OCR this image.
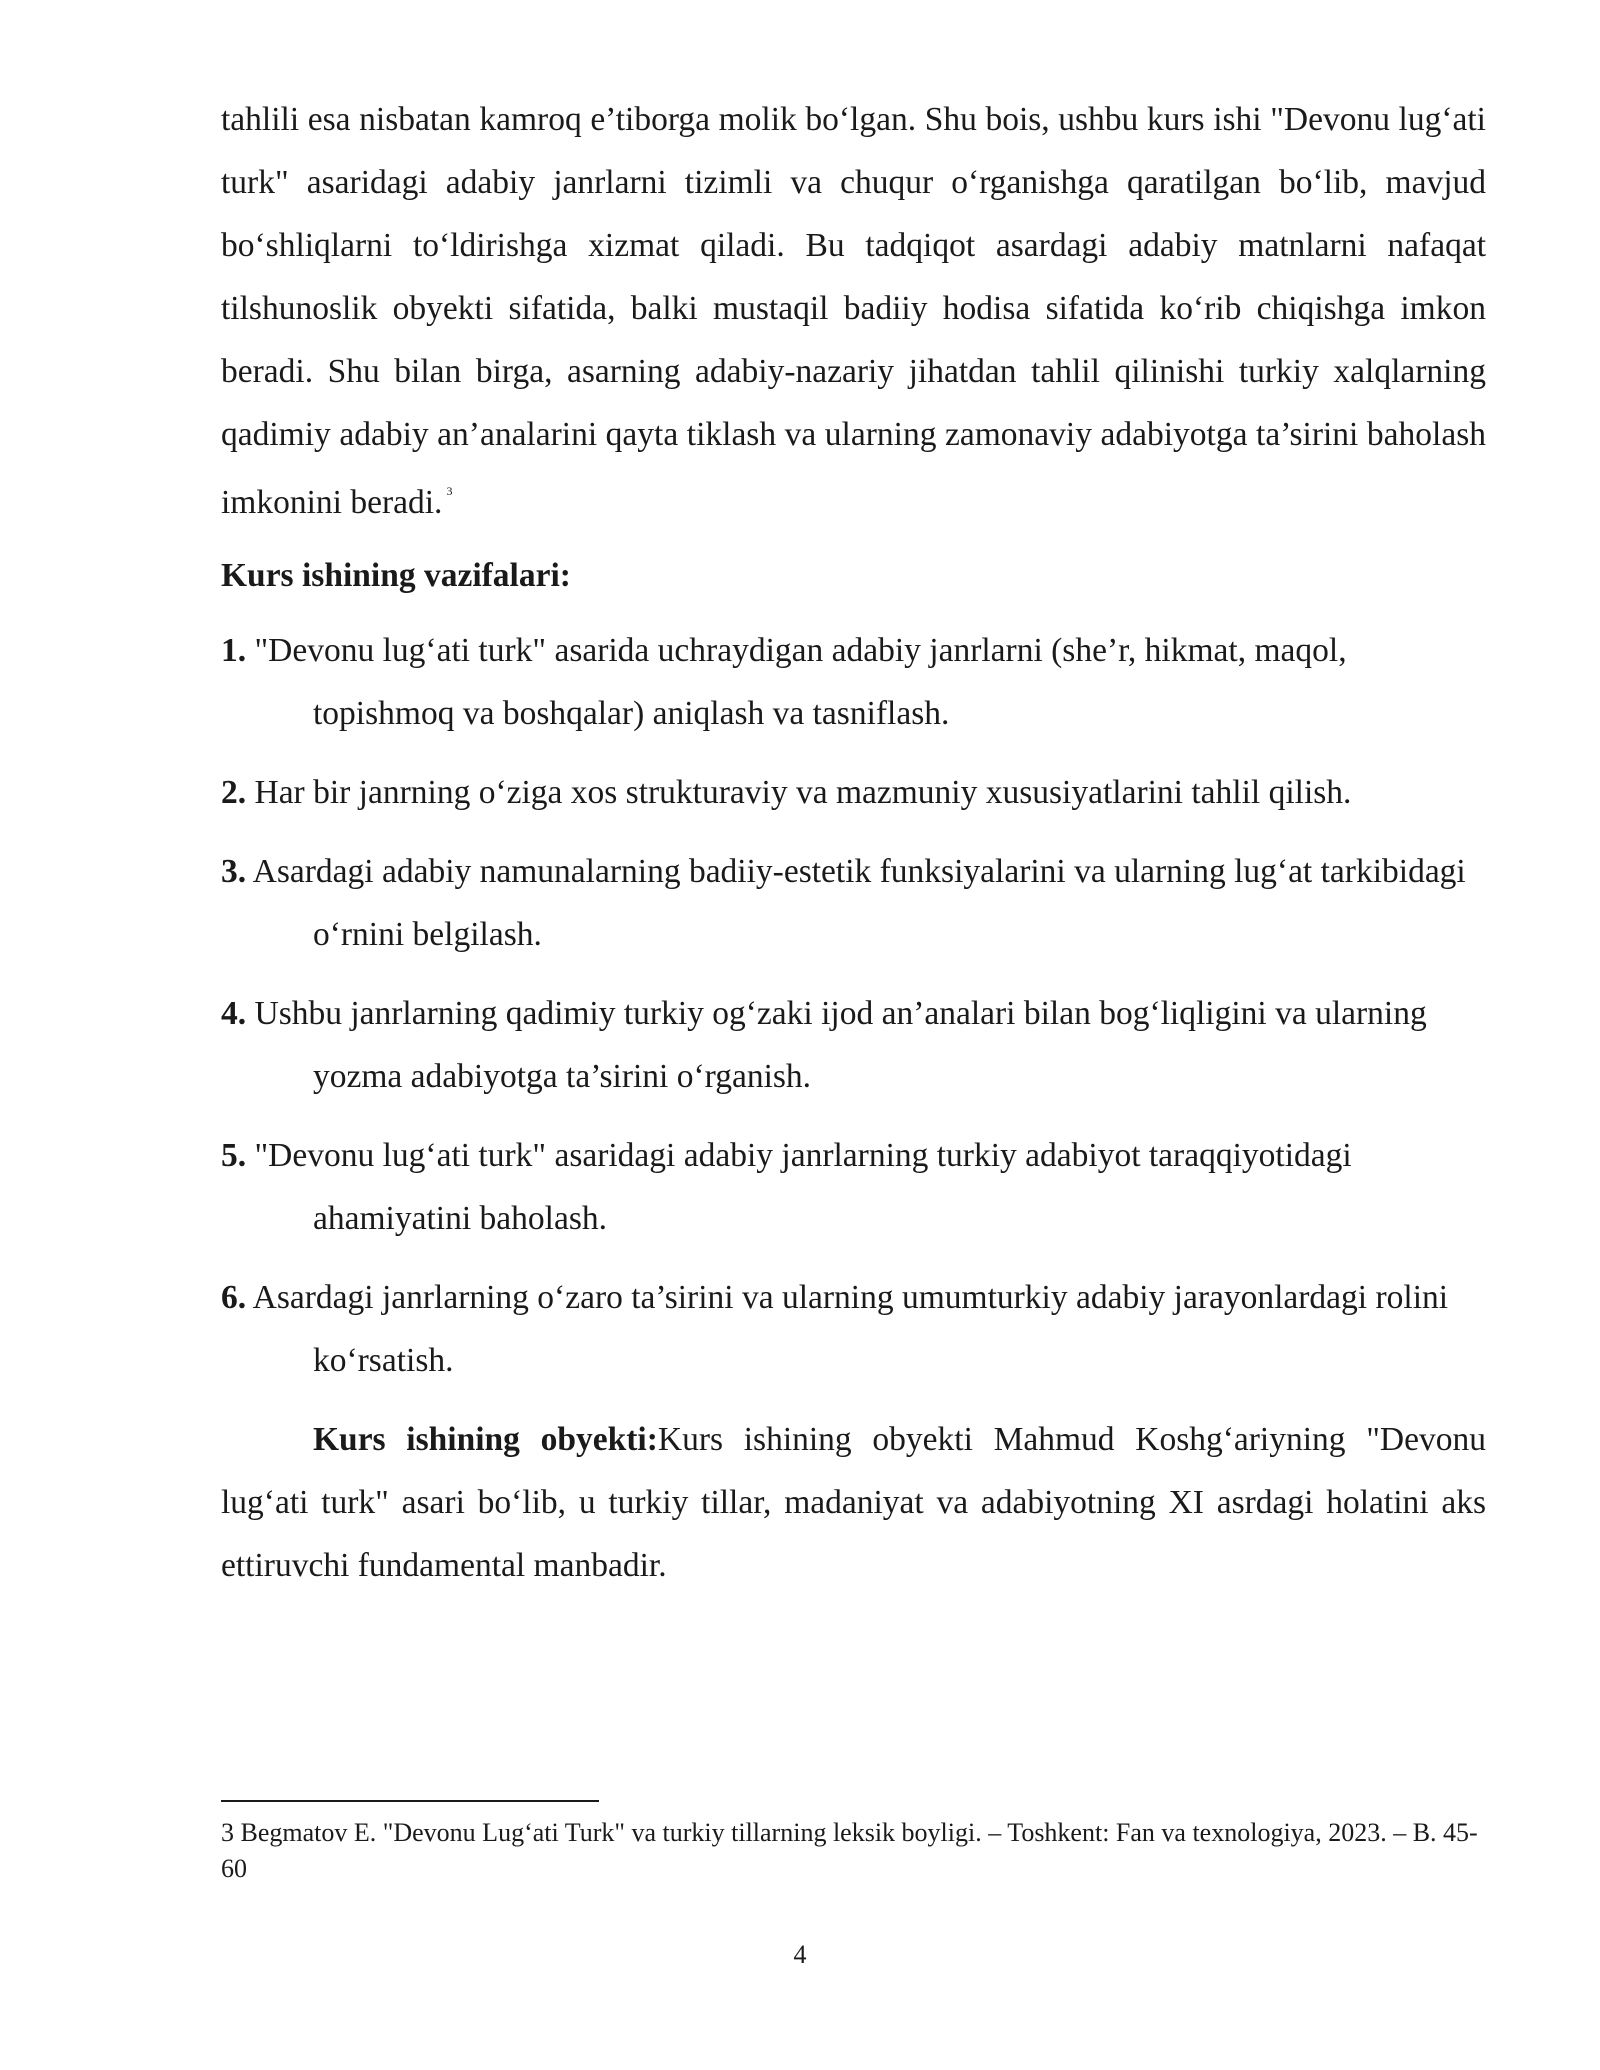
tahlili esa nisbatan kamroq e’tiborga molik bo‘lgan. Shu bois, ushbu kurs ishi "Devonu lug‘ati turk" asaridagi adabiy janrlarni tizimli va chuqur o‘rganishga qaratilgan bo‘lib, mavjud bo‘shliqlarni to‘ldirishga xizmat qiladi. Bu tadqiqot asardagi adabiy matnlarni nafaqat tilshunoslik obyekti sifatida, balki mustaqil badiiy hodisa sifatida ko‘rib chiqishga imkon beradi. Shu bilan birga, asarning adabiy-nazariy jihatdan tahlil qilinishi turkiy xalqlarning qadimiy adabiy an’analarini qayta tiklash va ularning zamonaviy adabiyotga ta’sirini baholash imkonini beradi. $^3$

Kurs ishining vazifalari:
1. "Devonu lug‘ati turk" asarida uchraydigan adabiy janrlarni (she’r, hikmat, maqol, topishmoq va boshqalar) aniqlash va tasniflash.
2. Har bir janrning o‘ziga xos strukturaviy va mazmuniy xususiyatlarini tahlil qilish.
3. Asardagi adabiy namunalarning badiiy-estetik funksiyalarini va ularning lug‘at tarkibidagi o‘rnini belgilash.
4. Ushbu janrlarning qadimiy turkiy og‘zaki ijod an’analari bilan bog‘liqligini va ularning yozma adabiyotga ta’sirini o‘rganish.
5. "Devonu lug‘ati turk" asaridagi adabiy janrlarning turkiy adabiyot taraqqiyotidagi ahamiyatini baholash.
6. Asardagi janrlarning o‘zaro ta’sirini va ularning umumturkiy adabiy jarayonlardagi rolini ko‘rsatish.

Kurs ishining obyekti:Kurs ishining obyekti Mahmud Koshg‘ariyning "Devonu lug‘ati turk" asari bo‘lib, u turkiy tillar, madaniyat va adabiyotning XI asrdagi holatini aks ettiruvchi fundamental manbadir.

3 Begmatov E. "Devonu Lug‘ati Turk" va turkiy tillarning leksik boyligi. – Toshkent: Fan va texnologiya, 2023. – B. 45-60

4
